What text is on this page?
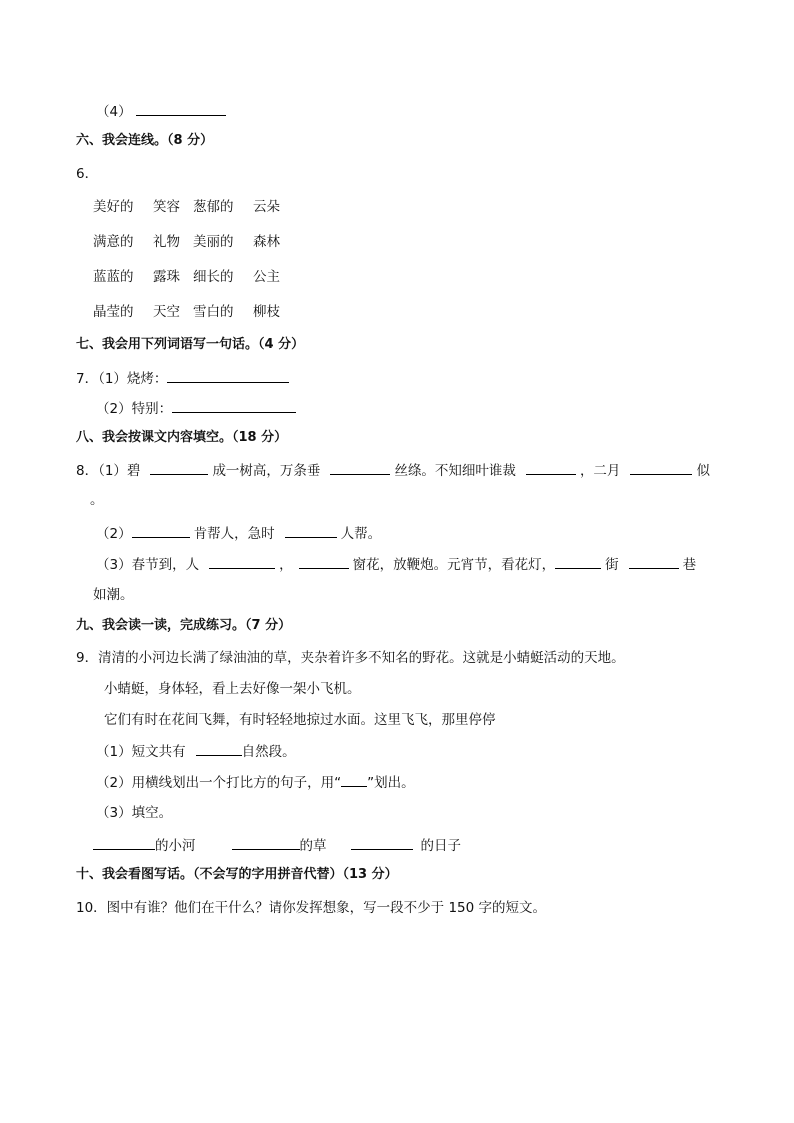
（4）
六、我会连线。（8 分）
6．
美好的 笑容 葱郁的 云朵
满意的 礼物 美丽的 森林
蓝蓝的 露珠 细长的 公主
晶莹的 天空 雪白的 柳枝
七、我会用下列词语写一句话。（4 分）
7．（1）烧烤：
（2）特别：
八、我会按课文内容填空。（18 分）
8．（1）碧	成一树高，万条垂	丝绦。不知细叶谁裁	，二月	似
。
（2）	肯帮人，急时	人帮。
（3）春节到，人	，	窗花，放鞭炮。元宵节，看花灯，	街	巷
如潮。
九、我会读一读，完成练习。（7 分）
9．清清的小河边长满了绿油油的草，夹杂着许多不知名的野花。这就是小蜻蜓活动的天地。
小蜻蜓，身体轻，看上去好像一架小飞机。
它们有时在花间飞舞，有时轻轻地掠过水面。这里飞飞，那里停停
（1）短文共有	自然段。
（2）用横线划出一个打比方的句子，用“ ”划出。
（3）填空。
的小河	的草	的日子
十、我会看图写话。（不会写的字用拼音代替）（13 分）
10．图中有谁？他们在干什么？请你发挥想象，写一段不少于 150 字的短文。
